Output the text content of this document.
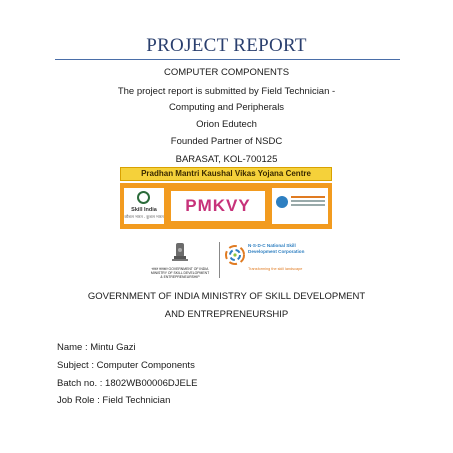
PROJECT REPORT
COMPUTER COMPONENTS
The project report is submitted by Field Technician -
Computing and Peripherals
Orion Edutech
Founded Partner of NSDC
BARASAT, KOL-700125
Pradhan Mantri Kaushal Vikas Yojana Centre
Skill India
कौशल भारत - कुशल भारत
PMKVY
भारत सरकार GOVERNMENT OF INDIA MINISTRY OF SKILL DEVELOPMENT & ENTREPRENEURSHIP
N·S·D·C National Skill Development Corporation
Transforming the skill landscape
GOVERNMENT OF INDIA MINISTRY OF SKILL DEVELOPMENT
AND ENTREPRENEURSHIP
Name : Mintu Gazi
Subject : Computer Components
Batch no. : 1802WB00006DJELE
Job Role : Field Technician
